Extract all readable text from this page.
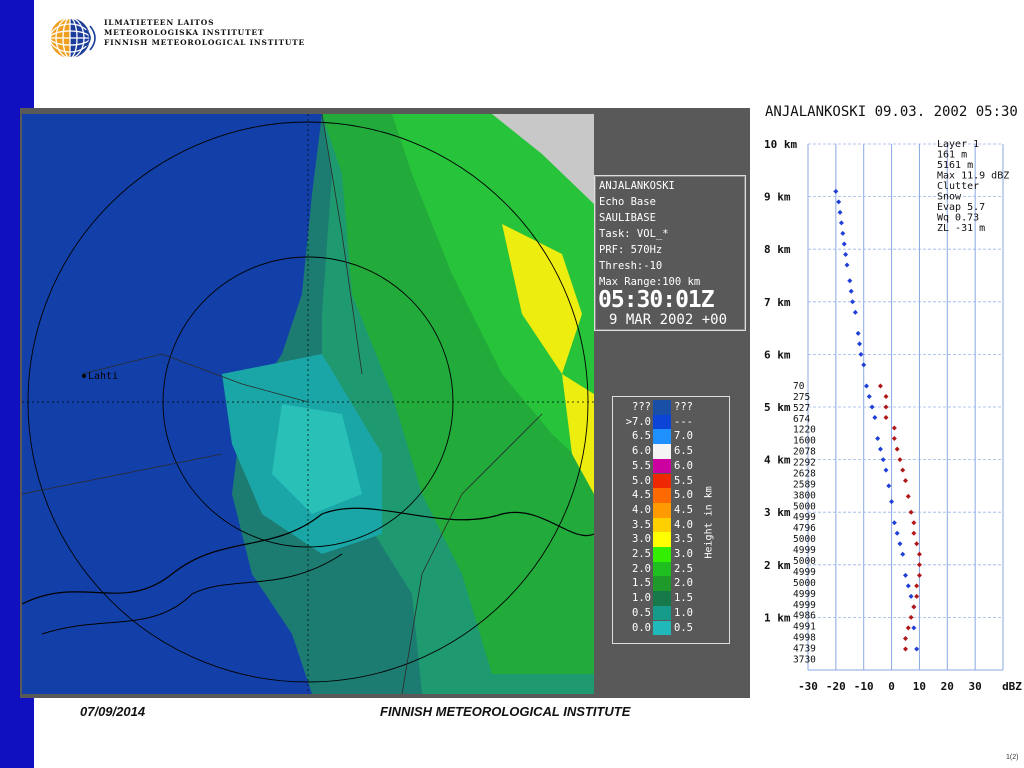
ILMATIETEEN LAITOS
METEOROLOGISKA INSTITUTET
FINNISH METEOROLOGICAL INSTITUTE
Lahti
ANJALANKOSKI
Echo Base
SAULIBASE
Task: VOL_*
PRF: 570Hz
Thresh:-10
Max Range:100 km
05:30:01Z
9 MAR 2002 +00
??? ???
>7.0 ---
6.5 7.0
6.0 6.5
5.5 6.0
5.0 5.5
4.5 5.0
4.0 4.5
3.5 4.0
3.0 3.5
2.5 3.0
2.0 2.5
1.5 2.0
1.0 1.5
0.5 1.0
0.0 0.5
Height in km
ANJALANKOSKI 09.03. 2002 05:30
10 km
9 km
8 km
7 km
6 km
5 km
4 km
3 km
2 km
1 km
-30 -20 -10 0 10 20 30 dBZ
70
275
527
674
1220
1600
2078
2292
2628
2589
3800
5000
4999
4796
5000
4999
5000
4999
5000
4999
4999
4986
4991
4998
4739
3730
Layer 1
161 m
5161 m
Max 11.9 dBZ
Clutter
Snow
Evap 5.7
Wq 0.73
ZL -31 m
07/09/2014	FINNISH METEOROLOGICAL INSTITUTE
1(2)
